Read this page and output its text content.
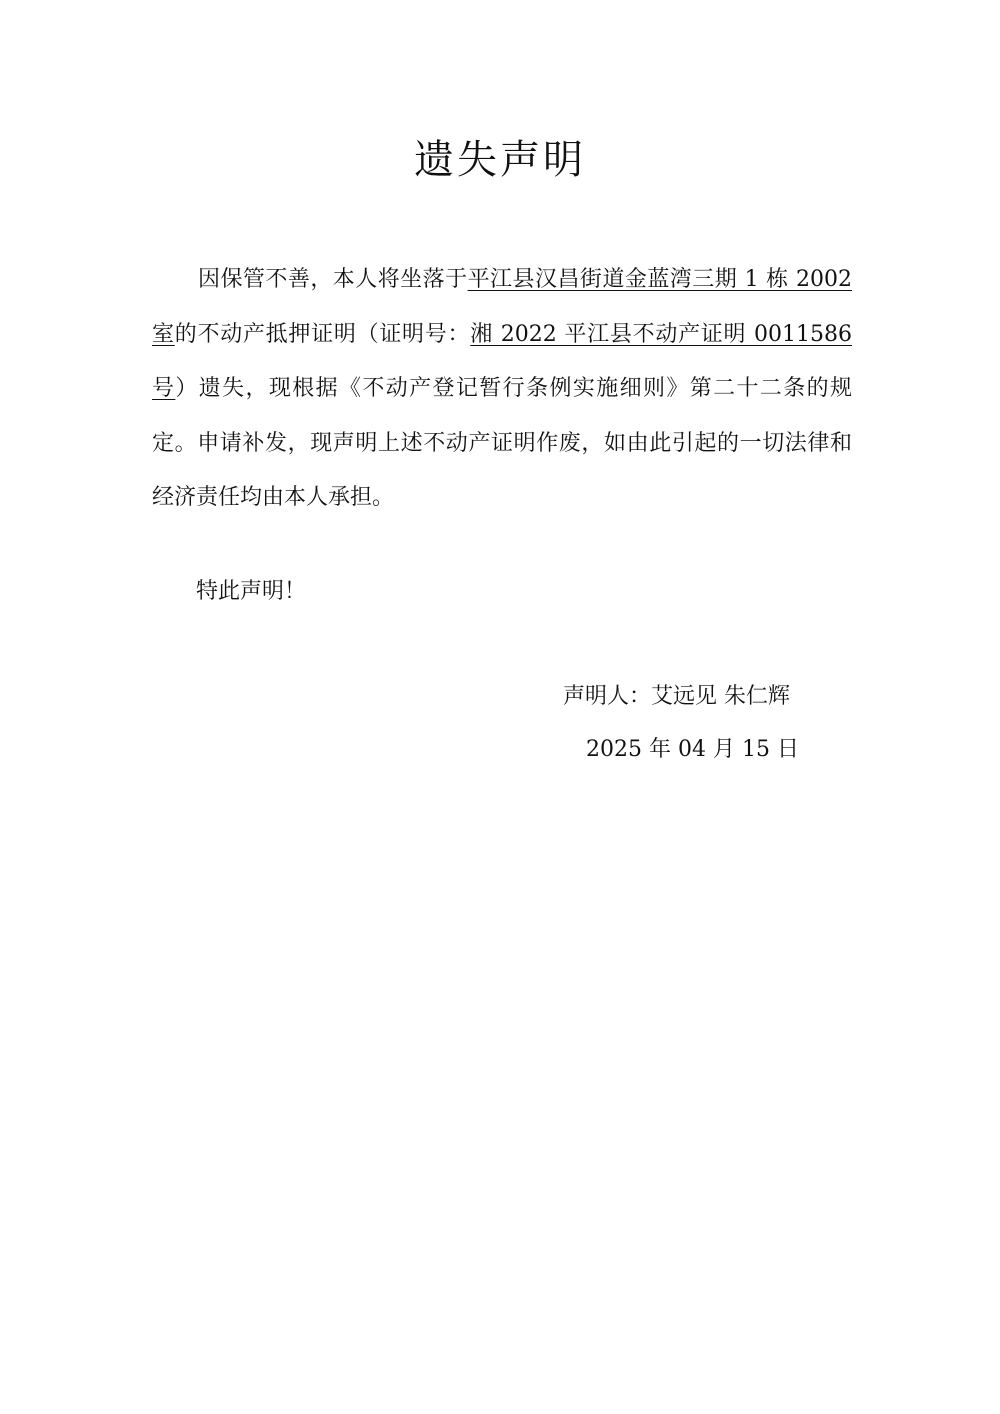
遗失声明

因保管不善，本人将坐落于平江县汉昌街道金蓝湾三期 1 栋 2002 室的不动产抵押证明（证明号：湘 2022 平江县不动产证明 0011586 号）遗失，现根据《不动产登记暂行条例实施细则》第二十二条的规定。申请补发，现声明上述不动产证明作废，如由此引起的一切法律和经济责任均由本人承担。

特此声明！

声明人：艾远见 朱仁辉
2025 年 04 月 15 日
